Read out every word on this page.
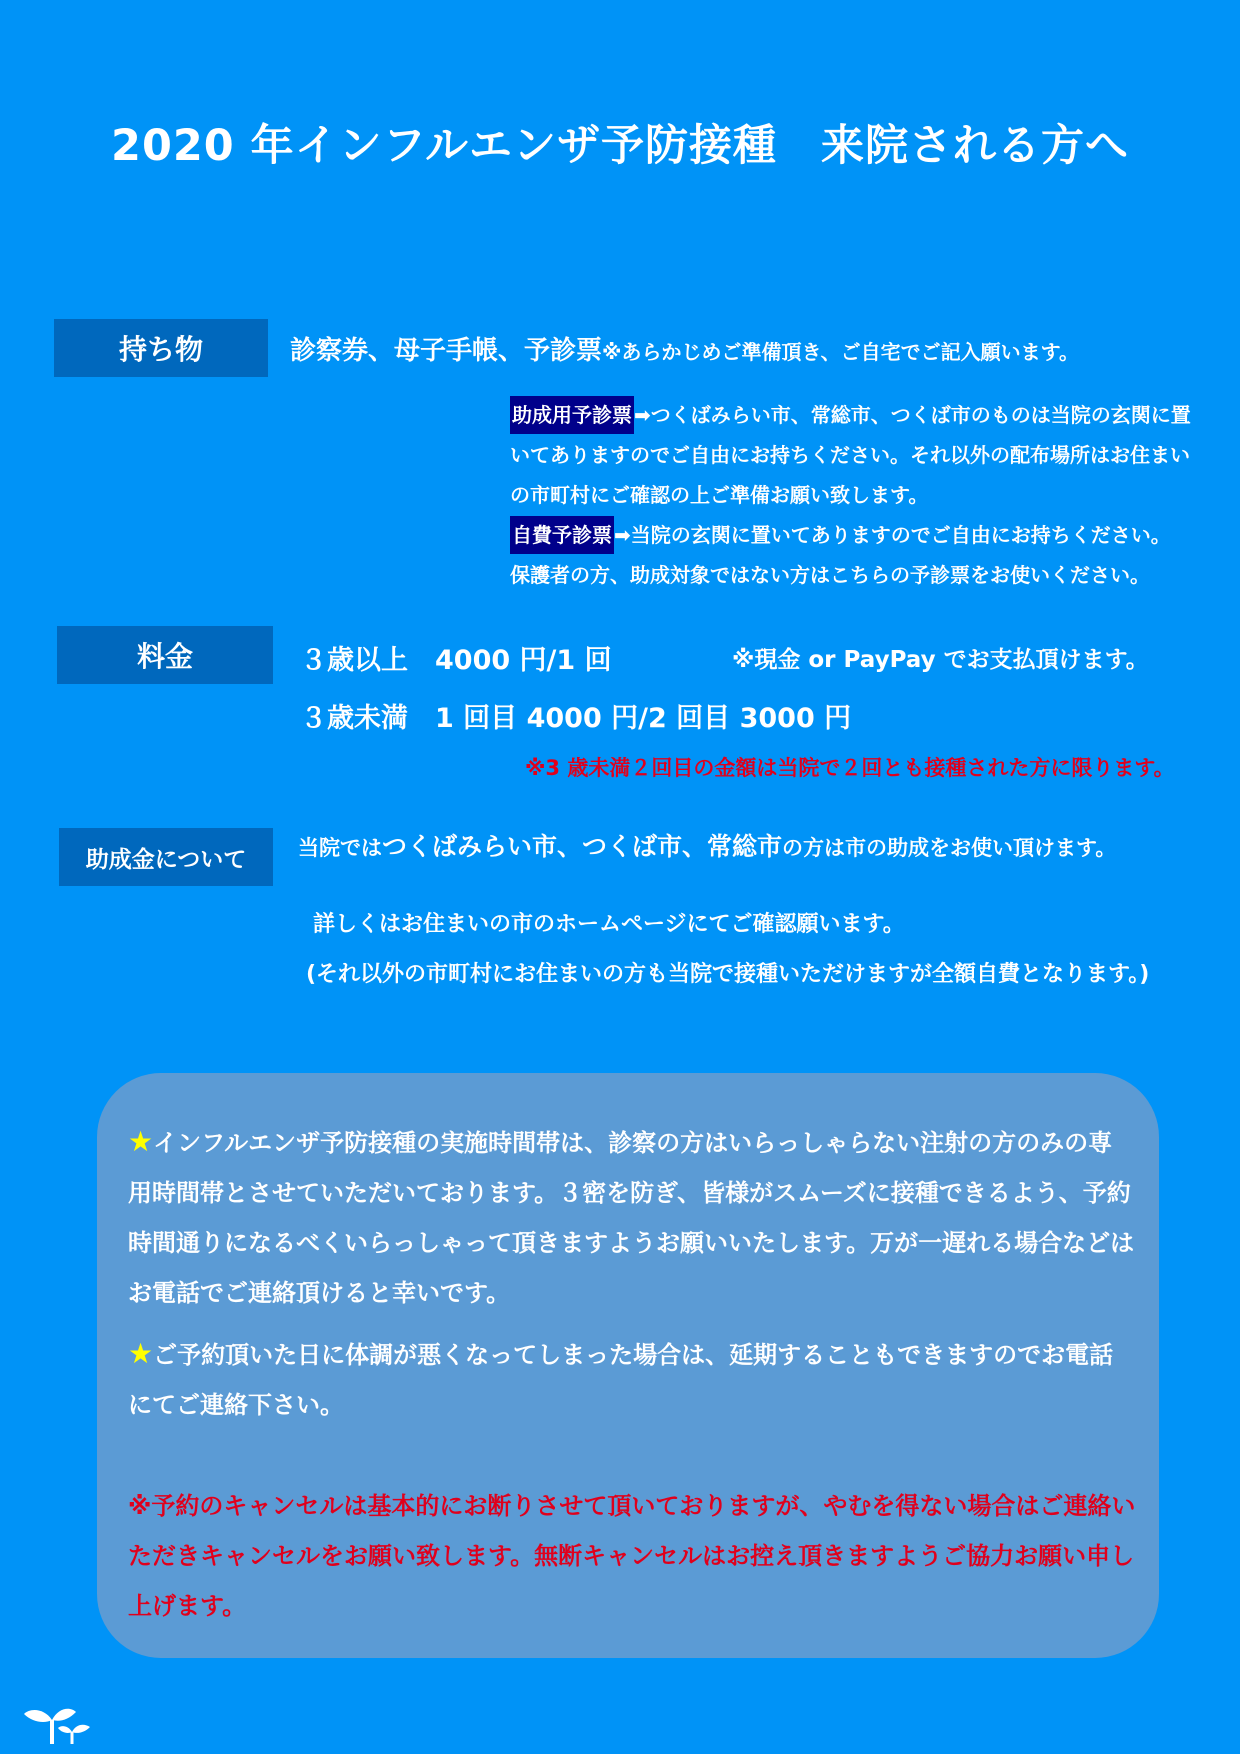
2020 年インフルエンザ予防接種　来院される方へ
持ち物	診察券、母子手帳、予診票※あらかじめご準備頂き、ご自宅でご記入願います。
助成用予診票 ➡つくばみらい市、常総市、つくば市のものは当院の玄関に置
いてありますのでご自由にお持ちください。それ以外の配布場所はお住まい
の市町村にご確認の上ご準備お願い致します。
自費予診票 ➡当院の玄関に置いてありますのでご自由にお持ちください。
保護者の方、助成対象ではない方はこちらの予診票をお使いください。
料金	３歳以上　4000 円/1 回	※現金 or PayPay でお支払頂けます。
３歳未満　1 回目 4000 円/2 回目 3000 円
※3 歳未満２回目の金額は当院で２回とも接種された方に限ります。
助成金について	当院ではつくばみらい市、つくば市、常総市の方は市の助成をお使い頂けます。
詳しくはお住まいの市のホームページにてご確認願います。
(それ以外の市町村にお住まいの方も当院で接種いただけますが全額自費となります。)
★インフルエンザ予防接種の実施時間帯は、診察の方はいらっしゃらない注射の方のみの専用時間帯とさせていただいております。３密を防ぎ、皆様がスムーズに接種できるよう、予約時間通りになるべくいらっしゃって頂きますようお願いいたします。万が一遅れる場合などはお電話でご連絡頂けると幸いです。
★ご予約頂いた日に体調が悪くなってしまった場合は、延期することもできますのでお電話にてご連絡下さい。
※予約のキャンセルは基本的にお断りさせて頂いておりますが、やむを得ない場合はご連絡いただきキャンセルをお願い致します。無断キャンセルはお控え頂きますようご協力お願い申し上げます。
